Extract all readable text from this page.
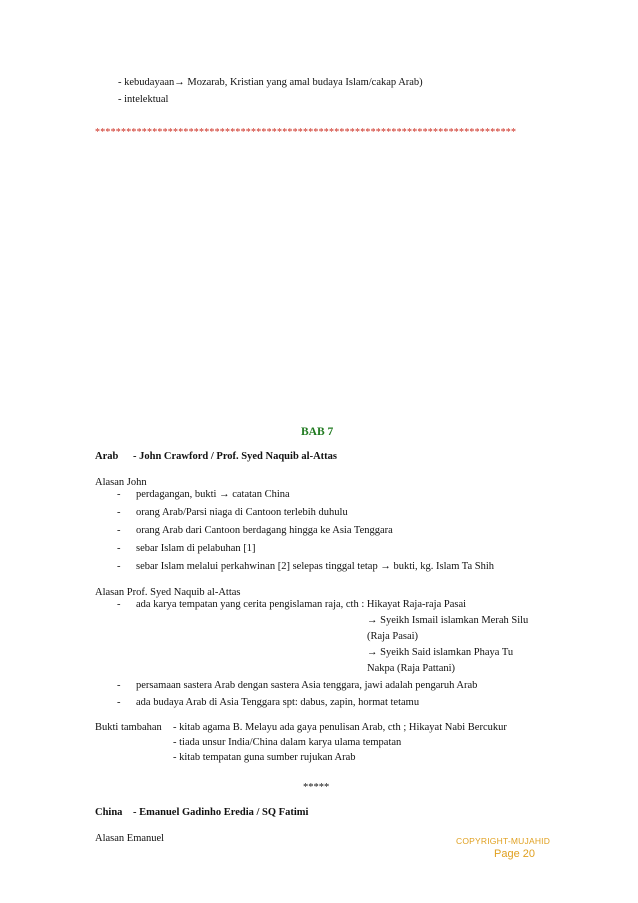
- kebudayaan→ Mozarab, Kristian yang amal budaya Islam/cakap Arab)
- intelektual
*********************************************************************************
BAB 7
Arab - John Crawford / Prof. Syed Naquib al-Attas
Alasan John
- perdagangan, bukti → catatan China
- orang Arab/Parsi niaga di Cantoon terlebih duhulu
- orang Arab dari Cantoon berdagang hingga ke Asia Tenggara
- sebar Islam di pelabuhan [1]
- sebar Islam melalui perkahwinan [2] selepas tinggal tetap → bukti, kg. Islam Ta Shih
Alasan Prof. Syed Naquib al-Attas
- ada karya tempatan yang cerita pengislaman raja, cth : Hikayat Raja-raja Pasai
→ Syeikh Ismail islamkan Merah Silu
(Raja Pasai)
→ Syeikh Said islamkan Phaya Tu
Nakpa (Raja Pattani)
- persamaan sastera Arab dengan sastera Asia tenggara, jawi adalah pengaruh Arab
- ada budaya Arab di Asia Tenggara spt: dabus, zapin, hormat tetamu
Bukti tambahan - kitab agama B. Melayu ada gaya penulisan Arab, cth ; Hikayat Nabi Bercukur
- tiada unsur India/China dalam karya ulama tempatan
- kitab tempatan guna sumber rujukan Arab
*****
China - Emanuel Gadinho Eredia / SQ Fatimi
Alasan Emanuel	COPYRIGHT-MUJAHID
Page 20
